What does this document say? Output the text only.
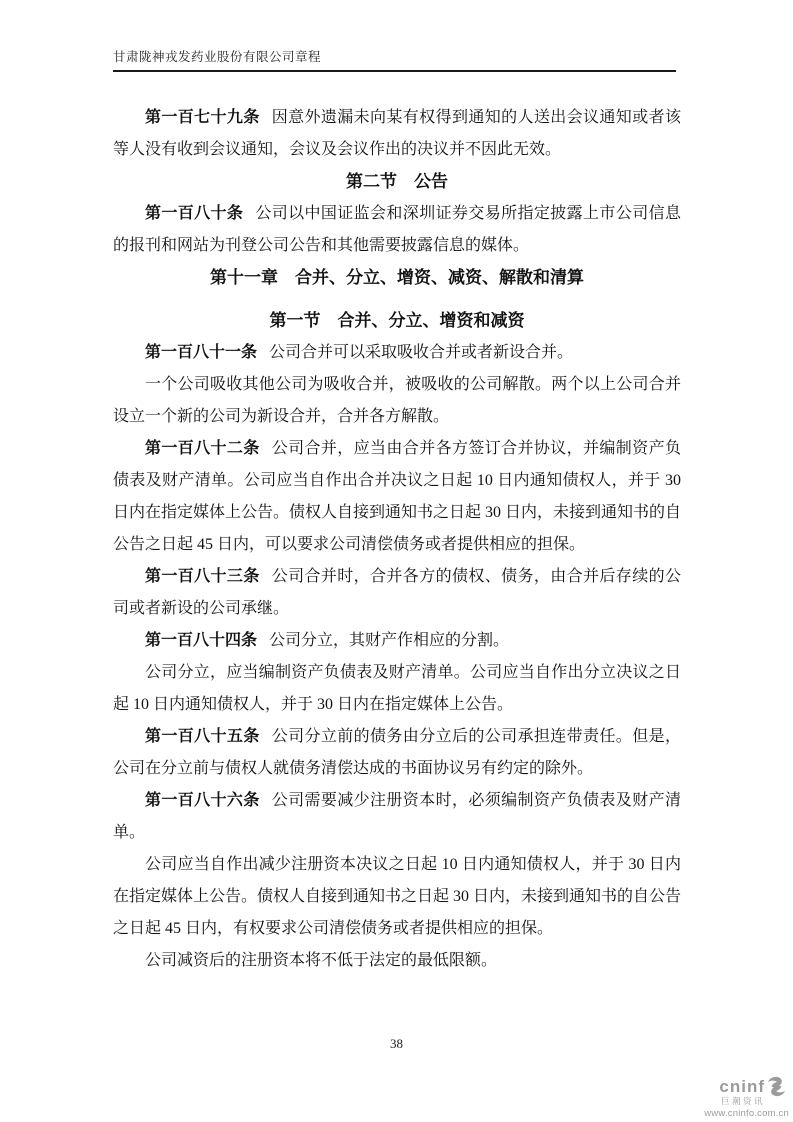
甘肃陇神戎发药业股份有限公司章程

第一百七十九条 因意外遗漏未向某有权得到通知的人送出会议通知或者该等人没有收到会议通知，会议及会议作出的决议并不因此无效。

第二节　公告

第一百八十条 公司以中国证监会和深圳证券交易所指定披露上市公司信息的报刊和网站为刊登公司公告和其他需要披露信息的媒体。

第十一章　合并、分立、增资、减资、解散和清算
第一节　合并、分立、增资和减资

第一百八十一条 公司合并可以采取吸收合并或者新设合并。

一个公司吸收其他公司为吸收合并，被吸收的公司解散。两个以上公司合并设立一个新的公司为新设合并，合并各方解散。

第一百八十二条 公司合并，应当由合并各方签订合并协议，并编制资产负债表及财产清单。公司应当自作出合并决议之日起 10 日内通知债权人，并于 30 日内在指定媒体上公告。债权人自接到通知书之日起 30 日内，未接到通知书的自公告之日起 45 日内，可以要求公司清偿债务或者提供相应的担保。

第一百八十三条 公司合并时，合并各方的债权、债务，由合并后存续的公司或者新设的公司承继。

第一百八十四条 公司分立，其财产作相应的分割。

公司分立，应当编制资产负债表及财产清单。公司应当自作出分立决议之日起 10 日内通知债权人，并于 30 日内在指定媒体上公告。

第一百八十五条 公司分立前的债务由分立后的公司承担连带责任。但是，公司在分立前与债权人就债务清偿达成的书面协议另有约定的除外。

第一百八十六条 公司需要减少注册资本时，必须编制资产负债表及财产清单。

公司应当自作出减少注册资本决议之日起 10 日内通知债权人，并于 30 日内在指定媒体上公告。债权人自接到通知书之日起 30 日内，未接到通知书的自公告之日起 45 日内，有权要求公司清偿债务或者提供相应的担保。

公司减资后的注册资本将不低于法定的最低限额。

38
cninf
巨潮资讯
www.cninfo.com.cn
